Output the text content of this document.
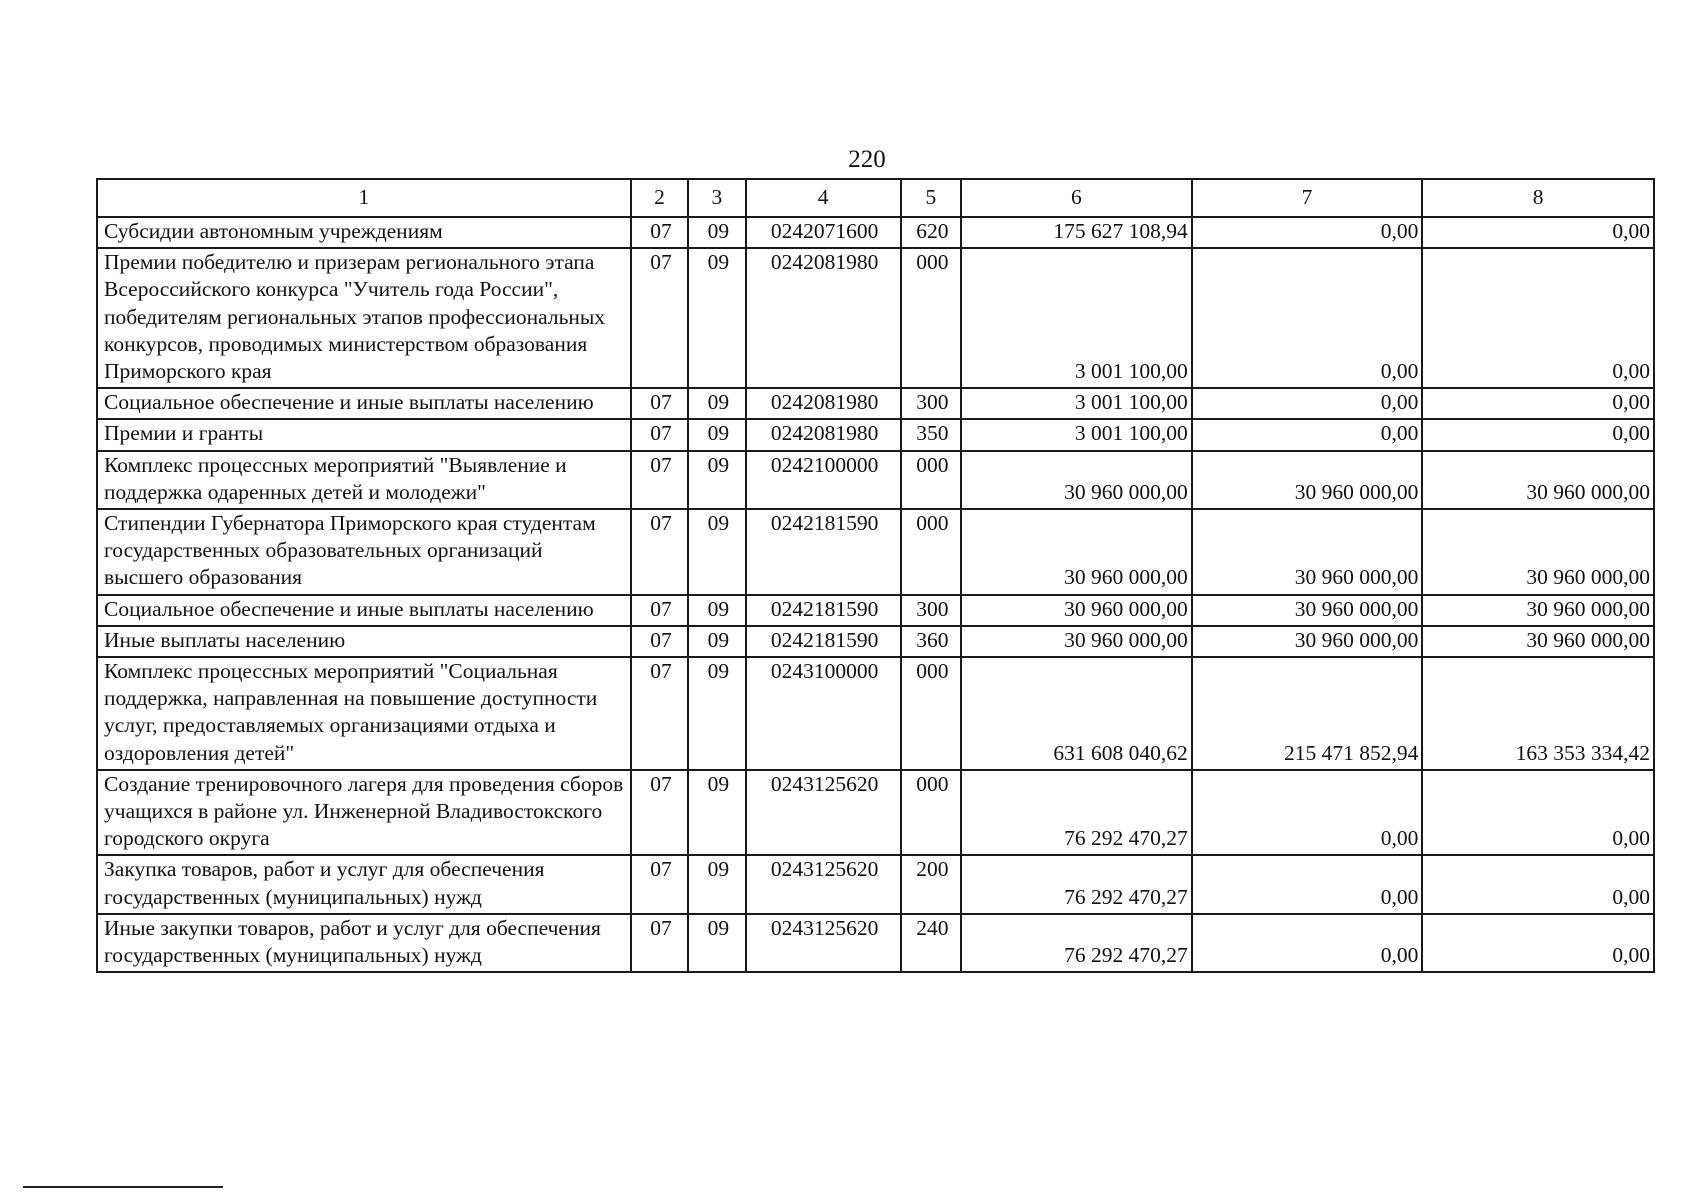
220
1	2	3	4	5	6	7	8
Субсидии автономным учреждениям	07	09	0242071600	620	175 627 108,94	0,00	0,00
Премии победителю и призерам регионального этапа Всероссийского конкурса "Учитель года России", победителям региональных этапов профессиональных конкурсов, проводимых министерством образования Приморского края	07	09	0242081980	000	3 001 100,00	0,00	0,00
Социальное обеспечение и иные выплаты населению	07	09	0242081980	300	3 001 100,00	0,00	0,00
Премии и гранты	07	09	0242081980	350	3 001 100,00	0,00	0,00
Комплекс процессных мероприятий "Выявление и поддержка одаренных детей и молодежи"	07	09	0242100000	000	30 960 000,00	30 960 000,00	30 960 000,00
Стипендии Губернатора Приморского края студентам государственных образовательных организаций высшего образования	07	09	0242181590	000	30 960 000,00	30 960 000,00	30 960 000,00
Социальное обеспечение и иные выплаты населению	07	09	0242181590	300	30 960 000,00	30 960 000,00	30 960 000,00
Иные выплаты населению	07	09	0242181590	360	30 960 000,00	30 960 000,00	30 960 000,00
Комплекс процессных мероприятий "Социальная поддержка, направленная на повышение доступности услуг, предоставляемых организациями отдыха и оздоровления детей"	07	09	0243100000	000	631 608 040,62	215 471 852,94	163 353 334,42
Создание тренировочного лагеря для проведения сборов учащихся в районе ул. Инженерной Владивостокского городского округа	07	09	0243125620	000	76 292 470,27	0,00	0,00
Закупка товаров, работ и услуг для обеспечения государственных (муниципальных) нужд	07	09	0243125620	200	76 292 470,27	0,00	0,00
Иные закупки товаров, работ и услуг для обеспечения государственных (муниципальных) нужд	07	09	0243125620	240	76 292 470,27	0,00	0,00
